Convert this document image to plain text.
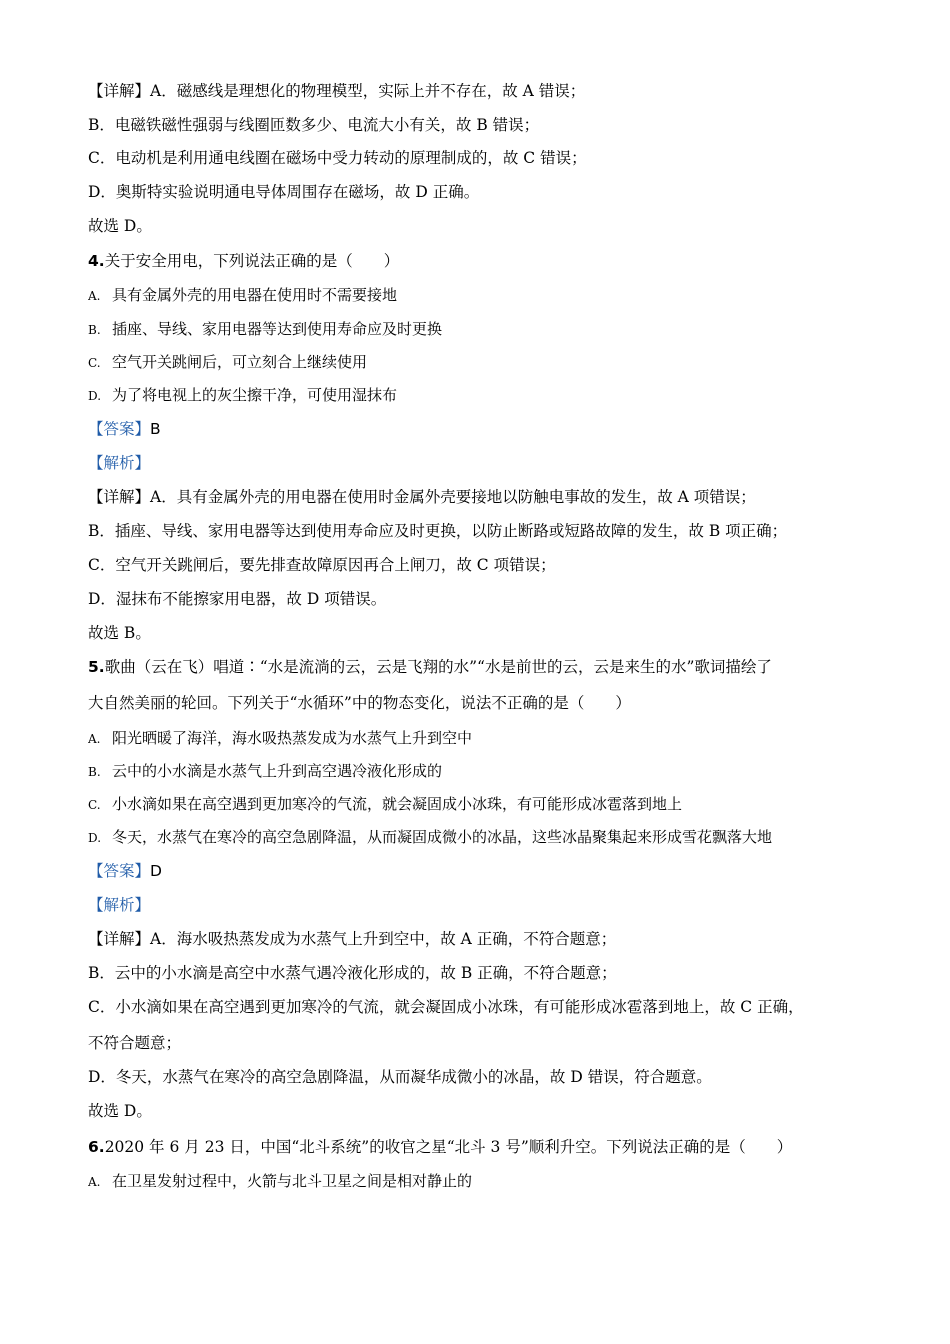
【详解】A．磁感线是理想化的物理模型，实际上并不存在，故 A 错误；
B．电磁铁磁性强弱与线圈匝数多少、电流大小有关，故 B 错误；
C．电动机是利用通电线圈在磁场中受力转动的原理制成的，故 C 错误；
D．奥斯特实验说明通电导体周围存在磁场，故 D 正确。
故选 D。
4.关于安全用电，下列说法正确的是（　　）
A. 具有金属外壳的用电器在使用时不需要接地
B. 插座、导线、家用电器等达到使用寿命应及时更换
C. 空气开关跳闸后，可立刻合上继续使用
D. 为了将电视上的灰尘擦干净，可使用湿抹布
【答案】B
【解析】
【详解】A．具有金属外壳的用电器在使用时金属外壳要接地以防触电事故的发生，故 A 项错误；
B．插座、导线、家用电器等达到使用寿命应及时更换，以防止断路或短路故障的发生，故 B 项正确；
C．空气开关跳闸后，要先排查故障原因再合上闸刀，故 C 项错误；
D．湿抹布不能擦家用电器，故 D 项错误。
故选 B。
5.歌曲（云在飞）唱道∶“水是流淌的云，云是飞翔的水”“水是前世的云，云是来生的水”歌词描绘了
大自然美丽的轮回。下列关于“水循环”中的物态变化，说法不正确的是（　　）
A. 阳光晒暖了海洋，海水吸热蒸发成为水蒸气上升到空中
B. 云中的小水滴是水蒸气上升到高空遇冷液化形成的
C. 小水滴如果在高空遇到更加寒冷的气流，就会凝固成小冰珠，有可能形成冰雹落到地上
D. 冬天，水蒸气在寒冷的高空急剧降温，从而凝固成微小的冰晶，这些冰晶聚集起来形成雪花飘落大地
【答案】D
【解析】
【详解】A．海水吸热蒸发成为水蒸气上升到空中，故 A 正确，不符合题意；
B．云中的小水滴是高空中水蒸气遇冷液化形成的，故 B 正确，不符合题意；
C．小水滴如果在高空遇到更加寒冷的气流，就会凝固成小冰珠，有可能形成冰雹落到地上，故 C 正确，
不符合题意；
D．冬天，水蒸气在寒冷的高空急剧降温，从而凝华成微小的冰晶，故 D 错误，符合题意。
故选 D。
6.2020 年 6 月 23 日，中国“北斗系统”的收官之星“北斗 3 号”顺利升空。下列说法正确的是（　　）
A. 在卫星发射过程中，火箭与北斗卫星之间是相对静止的
